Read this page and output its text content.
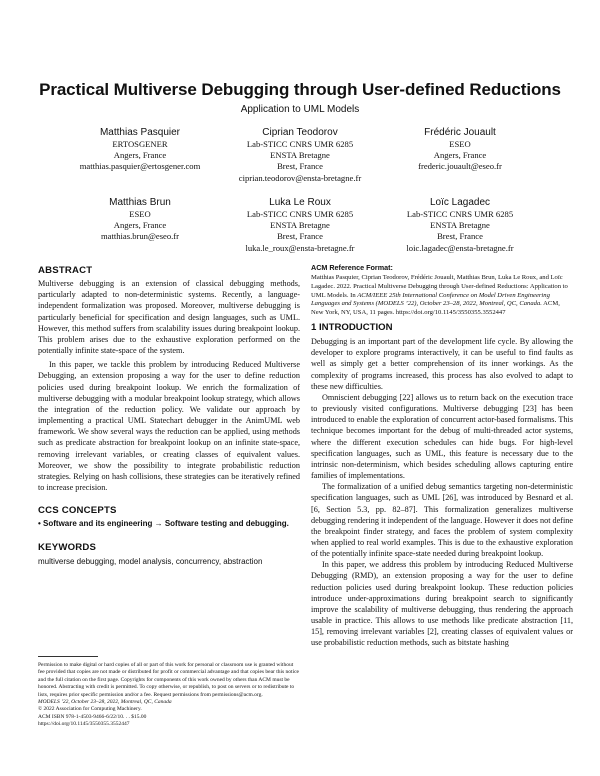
Practical Multiverse Debugging through User-defined Reductions
Application to UML Models
Matthias Pasquier
ERTOSGENER
Angers, France
matthias.pasquier@ertosgener.com
Ciprian Teodorov
Lab-STICC CNRS UMR 6285
ENSTA Bretagne
Brest, France
ciprian.teodorov@ensta-bretagne.fr
Frédéric Jouault
ESEO
Angers, France
frederic.jouault@eseo.fr
Matthias Brun
ESEO
Angers, France
matthias.brun@eseo.fr
Luka Le Roux
Lab-STICC CNRS UMR 6285
ENSTA Bretagne
Brest, France
luka.le_roux@ensta-bretagne.fr
Loïc Lagadec
Lab-STICC CNRS UMR 6285
ENSTA Bretagne
Brest, France
loic.lagadec@ensta-bretagne.fr
ABSTRACT

Multiverse debugging is an extension of classical debugging methods, particularly adapted to non-deterministic systems. Recently, a language-independent formalization was proposed. Moreover, multiverse debugging is particularly beneficial for specification and design languages, such as UML. However, this method suffers from scalability issues during breakpoint lookup. This problem arises due to the exhaustive exploration performed on the potentially infinite state-space of the system.

In this paper, we tackle this problem by introducing Reduced Multiverse Debugging, an extension proposing a way for the user to define reduction policies used during breakpoint lookup. We enrich the formalization of multiverse debugging with a modular breakpoint lookup strategy, which allows the integration of the reduction policy. We validate our approach by implementing a practical UML Statechart debugger in the AnimUML web framework. We show several ways the reduction can be applied, using methods such as predicate abstraction for breakpoint lookup on an infinite state-space, removing irrelevant variables, or creating classes of equivalent values. Moreover, we show the possibility to integrate probabilistic reduction strategies. Relying on hash collisions, these strategies can be iteratively refined to increase precision.

CCS CONCEPTS
• Software and its engineering → Software testing and debugging.
KEYWORDS
multiverse debugging, model analysis, concurrency, abstraction
Permission to make digital or hard copies of all or part of this work for personal or classroom use is granted without fee provided that copies are not made or distributed for profit or commercial advantage and that copies bear this notice and the full citation on the first page. Copyrights for components of this work owned by others than ACM must be honored. Abstracting with credit is permitted. To copy otherwise, or republish, to post on servers or to redistribute to lists, requires prior specific permission and/or a fee. Request permissions from permissions@acm.org.
MODELS ’22, October 23–28, 2022, Montreal, QC, Canada
© 2022 Association for Computing Machinery.
ACM ISBN 978-1-4503-9466-6/22/10. . . $15.00
https://doi.org/10.1145/3550355.3552447
ACM Reference Format:
Matthias Pasquier, Ciprian Teodorov, Frédéric Jouault, Matthias Brun, Luka Le Roux, and Loïc Lagadec. 2022. Practical Multiverse Debugging through User-defined Reductions: Application to UML Models. In ACM/IEEE 25th International Conference on Model Driven Engineering Languages and Systems (MODELS ’22), October 23–28, 2022, Montreal, QC, Canada. ACM, New York, NY, USA, 11 pages. https://doi.org/10.1145/3550355.3552447
1 INTRODUCTION

Debugging is an important part of the development life cycle. By allowing the developer to explore programs interactively, it can be useful to find faults as well as simply get a better comprehension of its inner workings. As the complexity of programs increased, this process has also evolved to adapt to these new difficulties.

Omniscient debugging [22] allows us to return back on the execution trace to previously visited configurations. Multiverse debugging [23] has been introduced to enable the exploration of concurrent actor-based formalisms. This technique becomes important for the debug of multi-threaded actor systems, where the different execution schedules can hide bugs. For high-level specification languages, such as UML, this feature is necessary due to the intrinsic non-determinism, which besides scheduling allows capturing entire families of implementations.

The formalization of a unified debug semantics targeting non-deterministic specification languages, such as UML [26], was introduced by Besnard et al. [6, Section 5.3, pp. 82–87]. This formalization generalizes multiverse debugging rendering it independent of the language. However it does not define the breakpoint finder strategy, and faces the problem of system complexity when applied to real world examples. This is due to the exhaustive exploration of the potentially infinite space-state needed during breakpoint lookup.

In this paper, we address this problem by introducing Reduced Multiverse Debugging (RMD), an extension proposing a way for the user to define reduction policies used during breakpoint lookup. These reduction policies introduce under-approximations during breakpoint search to significantly improve the scalability of multiverse debugging, thus rendering the approach usable in practice. This allows to use methods like predicate abstraction [11, 15], removing irrelevant variables [2], creating classes of equivalent values or use probabilistic reduction methods, such as bitstate hashing
